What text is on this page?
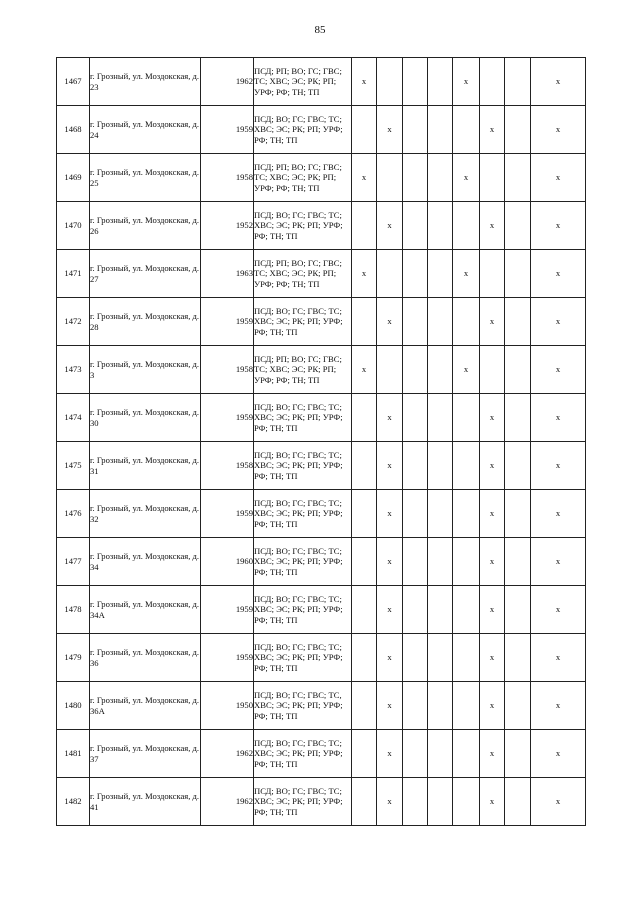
85
1467	г. Грозный, ул. Моздокская, д. 23	1962	ПСД; РП; ВО; ГС; ГВС; ТС; ХВС; ЭС; РК; РП; УРФ; РФ; ТН; ТП	x				x			x
1468	г. Грозный, ул. Моздокская, д. 24	1959	ПСД; ВО; ГС; ГВС; ТС; ХВС; ЭС; РК; РП; УРФ; РФ; ТН; ТП		x				x		x
1469	г. Грозный, ул. Моздокская, д. 25	1958	ПСД; РП; ВО; ГС; ГВС; ТС; ХВС; ЭС; РК; РП; УРФ; РФ; ТН; ТП	x				x			x
1470	г. Грозный, ул. Моздокская, д. 26	1952	ПСД; ВО; ГС; ГВС; ТС; ХВС; ЭС; РК; РП; УРФ; РФ; ТН; ТП		x				x		x
1471	г. Грозный, ул. Моздокская, д. 27	1963	ПСД; РП; ВО; ГС; ГВС; ТС; ХВС; ЭС; РК; РП; УРФ; РФ; ТН; ТП	x				x			x
1472	г. Грозный, ул. Моздокская, д. 28	1959	ПСД; ВО; ГС; ГВС; ТС; ХВС; ЭС; РК; РП; УРФ; РФ; ТН; ТП		x				x		x
1473	г. Грозный, ул. Моздокская, д. 3	1958	ПСД; РП; ВО; ГС; ГВС; ТС; ХВС; ЭС; РК; РП; УРФ; РФ; ТН; ТП	x				x			x
1474	г. Грозный, ул. Моздокская, д. 30	1959	ПСД; ВО; ГС; ГВС; ТС; ХВС; ЭС; РК; РП; УРФ; РФ; ТН; ТП		x				x		x
1475	г. Грозный, ул. Моздокская, д. 31	1958	ПСД; ВО; ГС; ГВС; ТС; ХВС; ЭС; РК; РП; УРФ; РФ; ТН; ТП		x				x		x
1476	г. Грозный, ул. Моздокская, д. 32	1959	ПСД; ВО; ГС; ГВС; ТС; ХВС; ЭС; РК; РП; УРФ; РФ; ТН; ТП		x				x		x
1477	г. Грозный, ул. Моздокская, д. 34	1960	ПСД; ВО; ГС; ГВС; ТС; ХВС; ЭС; РК; РП; УРФ; РФ; ТН; ТП		x				x		x
1478	г. Грозный, ул. Моздокская, д. 34А	1959	ПСД; ВО; ГС; ГВС; ТС; ХВС; ЭС; РК; РП; УРФ; РФ; ТН; ТП		x				x		x
1479	г. Грозный, ул. Моздокская, д. 36	1959	ПСД; ВО; ГС; ГВС; ТС; ХВС; ЭС; РК; РП; УРФ; РФ; ТН; ТП		x				x		x
1480	г. Грозный, ул. Моздокская, д. 36А	1950	ПСД; ВО; ГС; ГВС; ТС, ХВС; ЭС; РК; РП; УРФ; РФ; ТН; ТП		x				x		x
1481	г. Грозный, ул. Моздокская, д. 37	1962	ПСД; ВО; ГС; ГВС; ТС; ХВС; ЭС; РК; РП; УРФ; РФ; ТН; ТП		x				x		x
1482	г. Грозный, ул. Моздокская, д. 41	1962	ПСД; ВО; ГС; ГВС; ТС; ХВС; ЭС; РК; РП; УРФ; РФ; ТН; ТП		x				x		x
